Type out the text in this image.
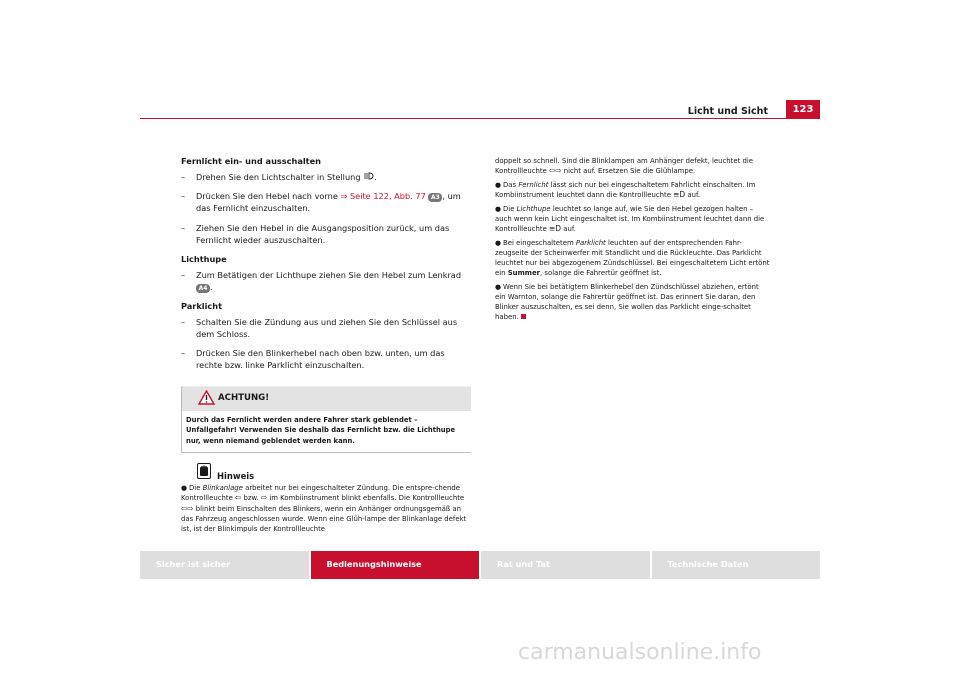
Licht und Sicht	123
Fernlicht ein- und ausschalten
– Drehen Sie den Lichtschalter in Stellung .
– Drücken Sie den Hebel nach vorne ⇒ Seite 122, Abb. 77 A3 , um das Fernlicht einzuschalten.
– Ziehen Sie den Hebel in die Ausgangsposition zurück, um das Fernlicht wieder auszuschalten.
Lichthupe
– Zum Betätigen der Lichthupe ziehen Sie den Hebel zum Lenkrad
A4 .
Parklicht
– Schalten Sie die Zündung aus und ziehen Sie den Schlüssel aus dem Schloss.
– Drücken Sie den Blinkerhebel nach oben bzw. unten, um das rechte bzw. linke Parklicht einzuschalten.
ACHTUNG!
Durch das Fernlicht werden andere Fahrer stark geblendet – Unfallgefahr! Verwenden Sie deshalb das Fernlicht bzw. die Lichthupe nur, wenn niemand geblendet werden kann.
Hinweis
● Die Blinkanlage arbeitet nur bei eingeschalteter Zündung. Die entspre-chende Kontrollleuchte ⇦ bzw. ⇨ im Kombiinstrument blinkt ebenfalls. Die Kontrollleuchte ⇦⇨ blinkt beim Einschalten des Blinkers, wenn ein Anhänger ordnungsgemäß an das Fahrzeug angeschlossen wurde. Wenn eine Glüh-lampe der Blinkanlage defekt ist, ist der Blinkimpuls der Kontrollleuchte
doppelt so schnell. Sind die Blinklampen am Anhänger defekt, leuchtet die Kontrollleuchte ⇦⇨ nicht auf. Ersetzen Sie die Glühlampe.
● Das Fernlicht lässt sich nur bei eingeschaltetem Fahrlicht einschalten. Im Kombiinstrument leuchtet dann die Kontrollleuchte ≡D auf.
● Die Lichthupe leuchtet so lange auf, wie Sie den Hebel gezogen halten – auch wenn kein Licht eingeschaltet ist. Im Kombiinstrument leuchtet dann die Kontrollleuchte ≡D auf.
● Bei eingeschaltetem Parklicht leuchten auf der entsprechenden Fahr-zeugseite der Scheinwerfer mit Standlicht und die Rückleuchte. Das Parklicht leuchtet nur bei abgezogenem Zündschlüssel. Bei eingeschaltetem Licht ertönt ein Summer, solange die Fahrertür geöffnet ist.
● Wenn Sie bei betätigtem Blinkerhebel den Zündschlüssel abziehen, ertönt ein Warnton, solange die Fahrertür geöffnet ist. Das erinnert Sie daran, den Blinker auszuschalten, es sei denn, Sie wollen das Parklicht einge-schaltet haben.
Sicher ist sicher	Bedienungshinweise	Rat und Tat	Technische Daten
carmanualsonline.info
